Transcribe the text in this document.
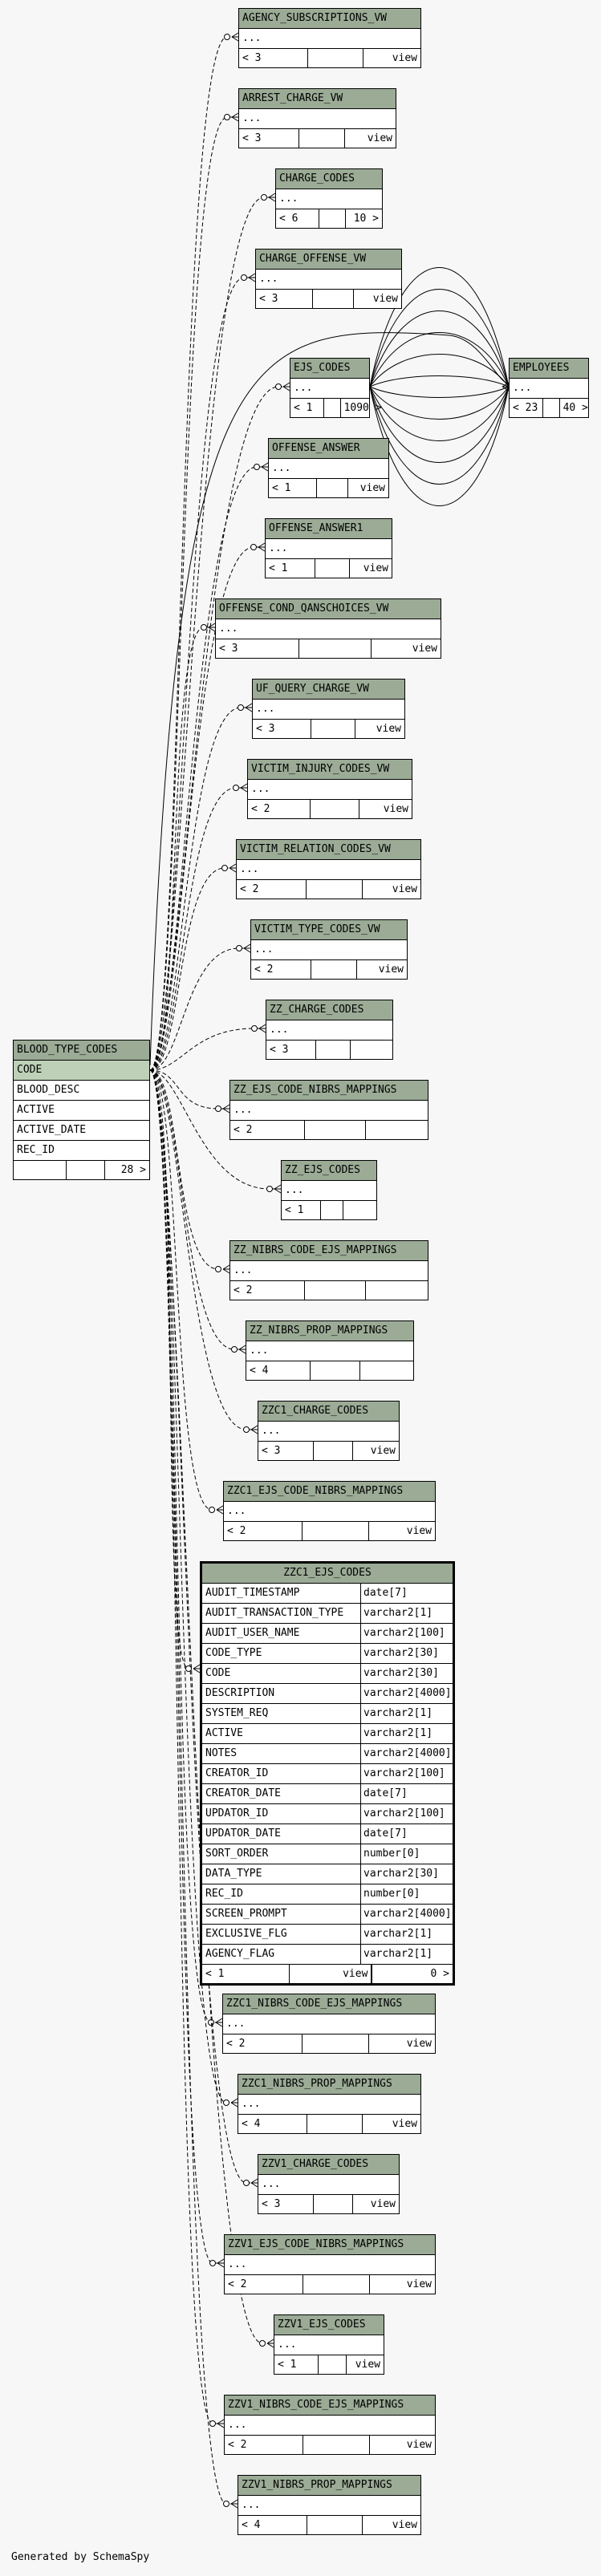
ZZC1_EJS_CODES
AUDIT_TIMESTAMP	date[7]
AUDIT_TRANSACTION_TYPE	varchar2[1]
AUDIT_USER_NAME	varchar2[100]
CODE_TYPE	varchar2[30]
CODE	varchar2[30]
DESCRIPTION	varchar2[4000]
SYSTEM_REQ	varchar2[1]
ACTIVE	varchar2[1]
NOTES	varchar2[4000]
CREATOR_ID	varchar2[100]
CREATOR_DATE	date[7]
UPDATOR_ID	varchar2[100]
UPDATOR_DATE	date[7]
SORT_ORDER	number[0]
DATA_TYPE	varchar2[30]
REC_ID	number[0]
SCREEN_PROMPT	varchar2[4000]
EXCLUSIVE_FLG	varchar2[1]
AGENCY_FLAG	varchar2[1]
< 1	view	0 >
BLOOD_TYPE_CODES
CODE
BLOOD_DESC
ACTIVE
ACTIVE_DATE
REC_ID
28 >
EMPLOYEES
...
< 23	40 >
AGENCY_SUBSCRIPTIONS_VW
...
< 3	view
ARREST_CHARGE_VW
...
< 3	view
CHARGE_CODES
...
< 6	10 >
CHARGE_OFFENSE_VW
...
< 3	view
EJS_CODES
...
< 1	1090 >
OFFENSE_ANSWER
...
< 1	view
OFFENSE_ANSWER1
...
< 1	view
OFFENSE_COND_QANSCHOICES_VW
...
< 3	view
UF_QUERY_CHARGE_VW
...
< 3	view
VICTIM_INJURY_CODES_VW
...
< 2	view
VICTIM_RELATION_CODES_VW
...
< 2	view
VICTIM_TYPE_CODES_VW
...
< 2	view
ZZ_CHARGE_CODES
...
< 3
ZZ_EJS_CODE_NIBRS_MAPPINGS
...
< 2
ZZ_EJS_CODES
...
< 1
ZZ_NIBRS_CODE_EJS_MAPPINGS
...
< 2
ZZ_NIBRS_PROP_MAPPINGS
...
< 4
ZZC1_CHARGE_CODES
...
< 3	view
ZZC1_EJS_CODE_NIBRS_MAPPINGS
...
< 2	view
ZZC1_NIBRS_CODE_EJS_MAPPINGS
...
< 2	view
ZZC1_NIBRS_PROP_MAPPINGS
...
< 4	view
ZZV1_CHARGE_CODES
...
< 3	view
ZZV1_EJS_CODE_NIBRS_MAPPINGS
...
< 2	view
ZZV1_EJS_CODES
...
< 1	view
ZZV1_NIBRS_CODE_EJS_MAPPINGS
...
< 2	view
ZZV1_NIBRS_PROP_MAPPINGS
...
< 4	view
Generated by SchemaSpy
